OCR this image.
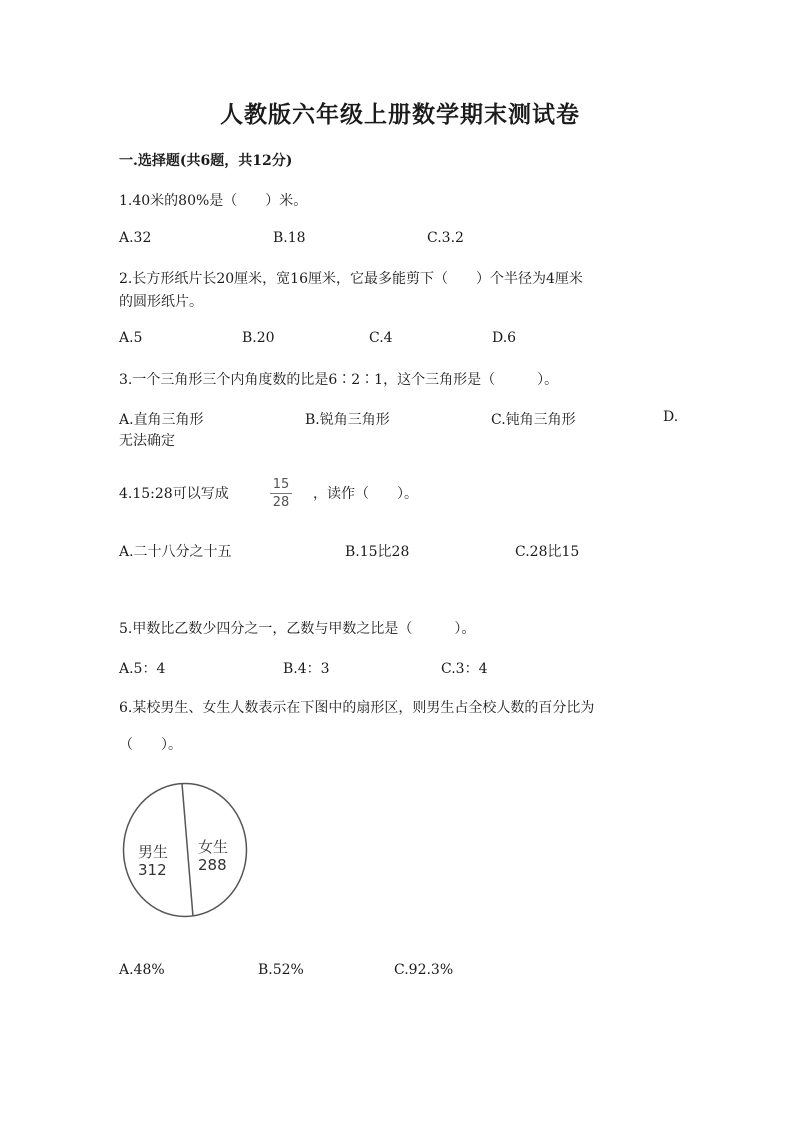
人教版六年级上册数学期末测试卷
一.选择题(共6题，共12分)
1.40米的80%是（　　）米。
A.32	B.18	C.3.2
2.长方形纸片长20厘米，宽16厘米，它最多能剪下（　　）个半径为4厘米
的圆形纸片。
A.5	B.20	C.4	D.6
3.一个三角形三个内角度数的比是6∶2∶1，这个三角形是（　　　）。
A.直角三角形	B.锐角三角形	C.钝角三角形	D.
无法确定
4.15:28可以写成
15
28
，读作（　　）。
A.二十八分之十五	B.15比28	C.28比15
5.甲数比乙数少四分之一，乙数与甲数之比是（　　　）。
A.5：4	B.4：3	C.3：4
6.某校男生、女生人数表示在下图中的扇形区，则男生占全校人数的百分比为
（　　）。
男生
312
女生
288
A.48%	B.52%	C.92.3%
